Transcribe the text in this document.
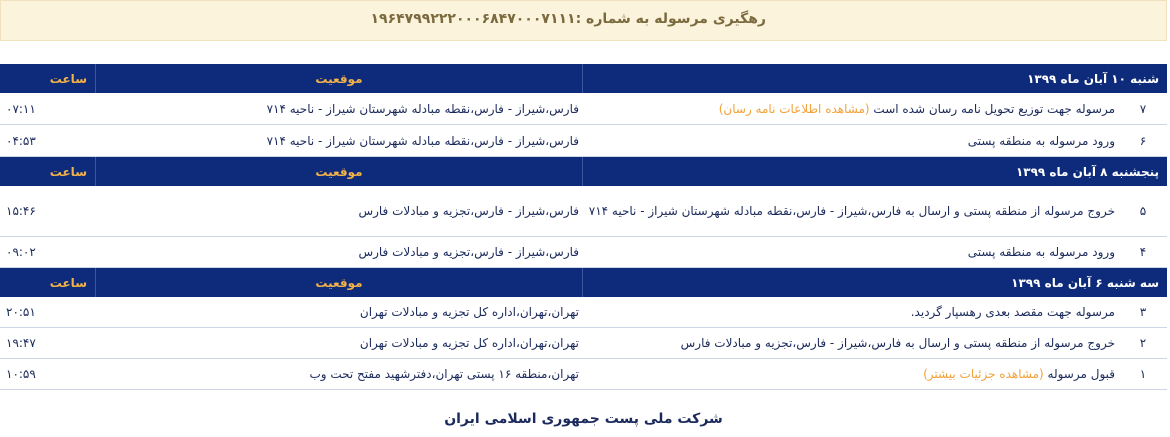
رهگیری مرسوله به شماره :۱۹۶۴۷۹۹۲۲۲۰۰۰۶۸۴۷۰۰۰۷۱۱۱
شنبه ۱۰ آبان ماه ۱۳۹۹
موقعیت
ساعت
۷
مرسوله جهت توزیع تحویل نامه رسان شده است (مشاهده اطلاعات نامه رسان)
فارس،شیراز - فارس،نقطه مبادله شهرستان شیراز - ناحیه ۷۱۴
۰۷:۱۱
۶
ورود مرسوله به منطقه پستی
فارس،شیراز - فارس،نقطه مبادله شهرستان شیراز - ناحیه ۷۱۴
۰۴:۵۳
پنجشنبه ۸ آبان ماه ۱۳۹۹
موقعیت
ساعت
۵
خروج مرسوله از منطقه پستی و ارسال به فارس،شیراز - فارس،نقطه مبادله شهرستان شیراز - ناحیه ۷۱۴
فارس،شیراز - فارس،تجزیه و مبادلات فارس
۱۵:۴۶
۴
ورود مرسوله به منطقه پستی
فارس،شیراز - فارس،تجزیه و مبادلات فارس
۰۹:۰۲
سه شنبه ۶ آبان ماه ۱۳۹۹
موقعیت
ساعت
۳
مرسوله جهت مقصد بعدی رهسپار گردید.
تهران،تهران،اداره کل تجزیه و مبادلات تهران
۲۰:۵۱
۲
خروج مرسوله از منطقه پستی و ارسال به فارس،شیراز - فارس،تجزیه و مبادلات فارس
تهران،تهران،اداره کل تجزیه و مبادلات تهران
۱۹:۴۷
۱
قبول مرسوله (مشاهده جزئیات بیشتر)
تهران،منطقه ۱۶ پستی تهران،دفترشهید مفتح تحت وب
۱۰:۵۹
شرکت ملی پست جمهوری اسلامی ایران
